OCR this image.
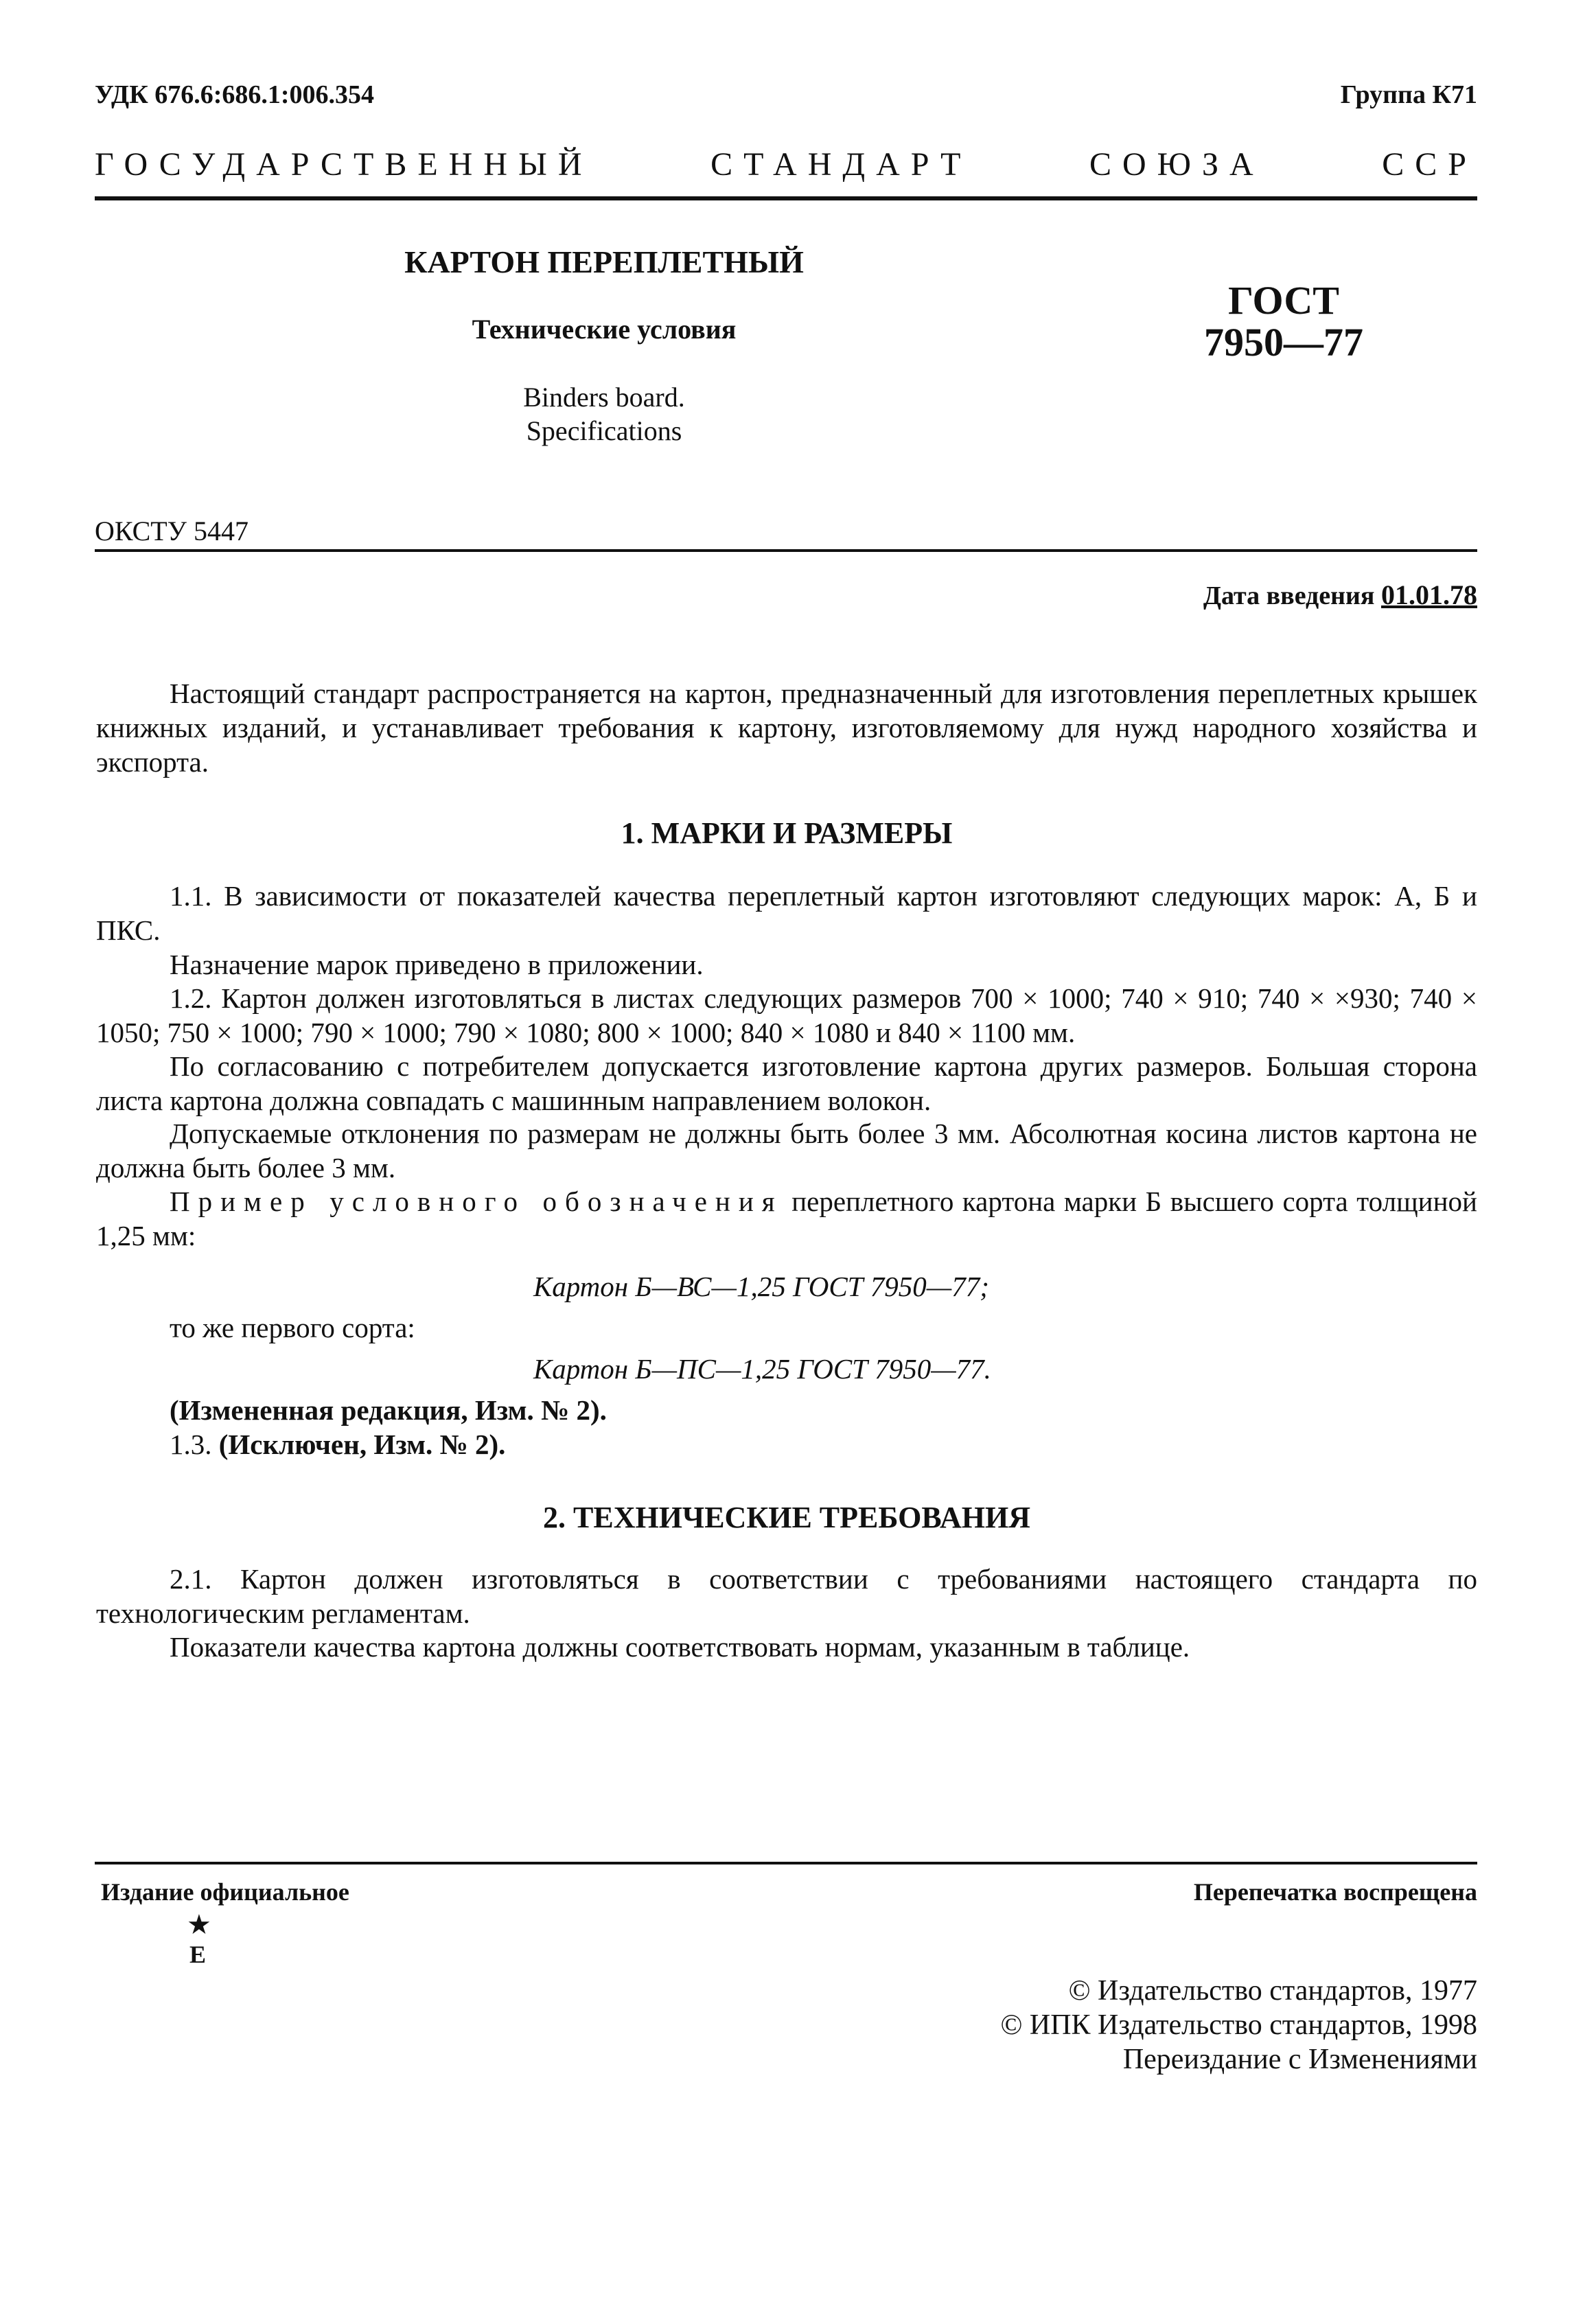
УДК 676.6:686.1:006.354	Группа К71
ГОСУДАРСТВЕННЫЙ СТАНДАРТ СОЮЗА ССР
КАРТОН ПЕРЕПЛЕТНЫЙ
Технические условия
Binders board.
Specifications
ГОСТ
7950—77
ОКСТУ 5447
Дата введения 01.01.78
Настоящий стандарт распространяется на картон, предназначенный для изготовления переплетных крышек книжных изданий, и устанавливает требования к картону, изготовляемому для нужд народного хозяйства и экспорта.
1. МАРКИ И РАЗМЕРЫ
1.1. В зависимости от показателей качества переплетный картон изготовляют следующих марок: А, Б и ПКС.
Назначение марок приведено в приложении.
1.2. Картон должен изготовляться в листах следующих размеров 700 × 1000; 740 × 910; 740 × ×930; 740 × 1050; 750 × 1000; 790 × 1000; 790 × 1080; 800 × 1000; 840 × 1080 и 840 × 1100 мм.
По согласованию с потребителем допускается изготовление картона других размеров. Большая сторона листа картона должна совпадать с машинным направлением волокон.
Допускаемые отклонения по размерам не должны быть более 3 мм. Абсолютная косина листов картона не должна быть более 3 мм.
Пример условного обозначения переплетного картона марки Б высшего сорта толщиной 1,25 мм:
Картон Б—ВС—1,25 ГОСТ 7950—77;
то же первого сорта:
Картон Б—ПС—1,25 ГОСТ 7950—77.
(Измененная редакция, Изм. № 2).
1.3. (Исключен, Изм. № 2).
2. ТЕХНИЧЕСКИЕ ТРЕБОВАНИЯ
2.1. Картон должен изготовляться в соответствии с требованиями настоящего стандарта по технологическим регламентам.
Показатели качества картона должны соответствовать нормам, указанным в таблице.
Издание официальное	Перепечатка воспрещена
★
Е
© Издательство стандартов, 1977
© ИПК Издательство стандартов, 1998
Переиздание с Изменениями
